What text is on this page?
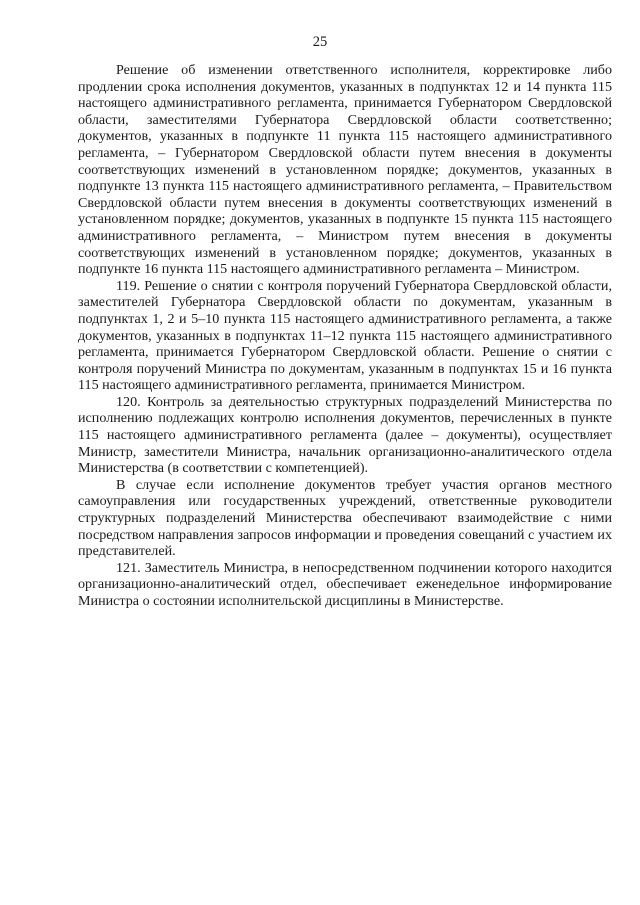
25

Решение об изменении ответственного исполнителя, корректировке либо продлении срока исполнения документов, указанных в подпунктах 12 и 14 пункта 115 настоящего административного регламента, принимается Губернатором Свердловской области, заместителями Губернатора Свердловской области соответственно; документов, указанных в подпункте 11 пункта 115 настоящего административного регламента, – Губернатором Свердловской области путем внесения в документы соответствующих изменений в установленном порядке; документов, указанных в подпункте 13 пункта 115 настоящего административного регламента, – Правительством Свердловской области путем внесения в документы соответствующих изменений в установленном порядке; документов, указанных в подпункте 15 пункта 115 настоящего административного регламента, – Министром путем внесения в документы соответствующих изменений в установленном порядке; документов, указанных в подпункте 16 пункта 115 настоящего административного регламента – Министром.

119. Решение о снятии с контроля поручений Губернатора Свердловской области, заместителей Губернатора Свердловской области по документам, указанным в подпунктах 1, 2 и 5–10 пункта 115 настоящего административного регламента, а также документов, указанных в подпунктах 11–12 пункта 115 настоящего административного регламента, принимается Губернатором Свердловской области. Решение о снятии с контроля поручений Министра по документам, указанным в подпунктах 15 и 16 пункта 115 настоящего административного регламента, принимается Министром.

120. Контроль за деятельностью структурных подразделений Министерства по исполнению подлежащих контролю исполнения документов, перечисленных в пункте 115 настоящего административного регламента (далее – документы), осуществляет Министр, заместители Министра, начальник организационно-аналитического отдела Министерства (в соответствии с компетенцией).

В случае если исполнение документов требует участия органов местного самоуправления или государственных учреждений, ответственные руководители структурных подразделений Министерства обеспечивают взаимодействие с ними посредством направления запросов информации и проведения совещаний с участием их представителей.

121. Заместитель Министра, в непосредственном подчинении которого находится организационно-аналитический отдел, обеспечивает еженедельное информирование Министра о состоянии исполнительской дисциплины в Министерстве.
